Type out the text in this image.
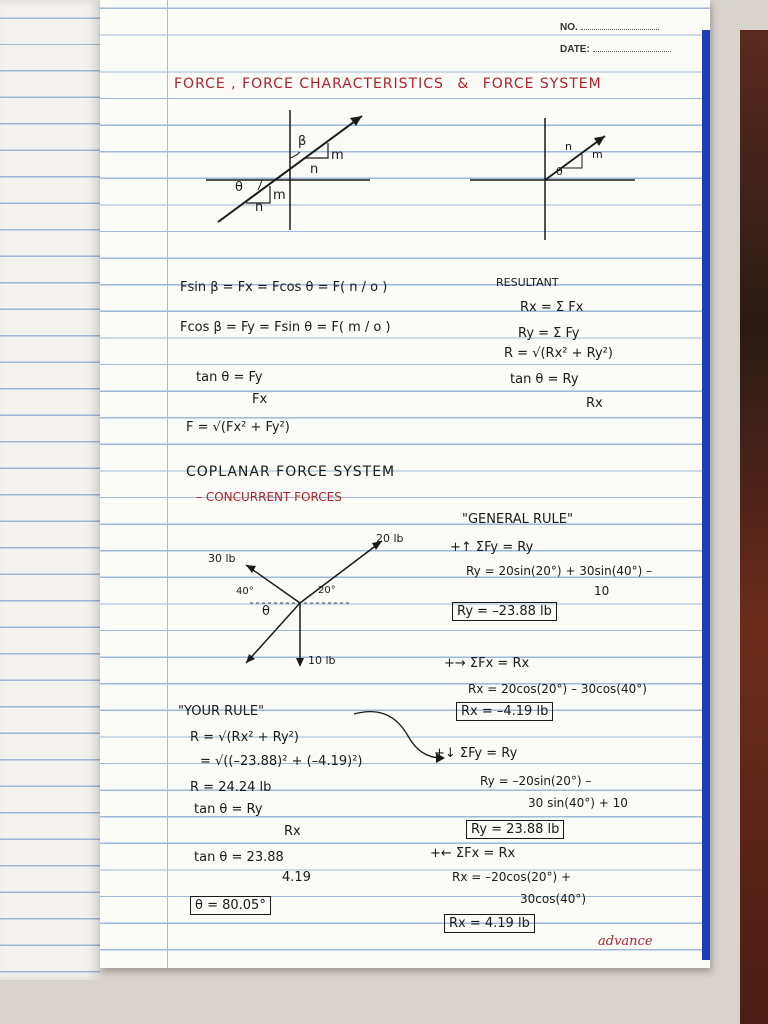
NO.
DATE:
FORCE , FORCE CHARACTERISTICS & FORCE SYSTEM
β
m
n
θ
m
n
m
n
θ
Fsin β = Fx = Fcos θ = F( n / o )
Fcos β = Fy = Fsin θ = F( m / o )
tan θ = Fy
Fx
F = √(Fx² + Fy²)
RESULTANT
Rx = Σ Fx
Ry = Σ Fy
R = √(Rx² + Ry²)
tan θ = Ry
Rx
COPLANAR FORCE SYSTEM
– CONCURRENT FORCES
20 lb
30 lb
10 lb
20°
40°
θ
"GENERAL RULE"
+↑ ΣFy = Ry
Ry = 20sin(20°) + 30sin(40°) –
10
Ry = –23.88 lb
+→ ΣFx = Rx
Rx = 20cos(20°) – 30cos(40°)
Rx = –4.19 lb
"YOUR RULE"
R = √(Rx² + Ry²)
= √((–23.88)² + (–4.19)²)
R = 24.24 lb
tan θ = Ry
Rx
tan θ = 23.88
4.19
θ = 80.05°
+↓ ΣFy = Ry
Ry = –20sin(20°) –
30 sin(40°) + 10
Ry = 23.88 lb
+← ΣFx = Rx
Rx = –20cos(20°) +
30cos(40°)
Rx = 4.19 lb
advance
